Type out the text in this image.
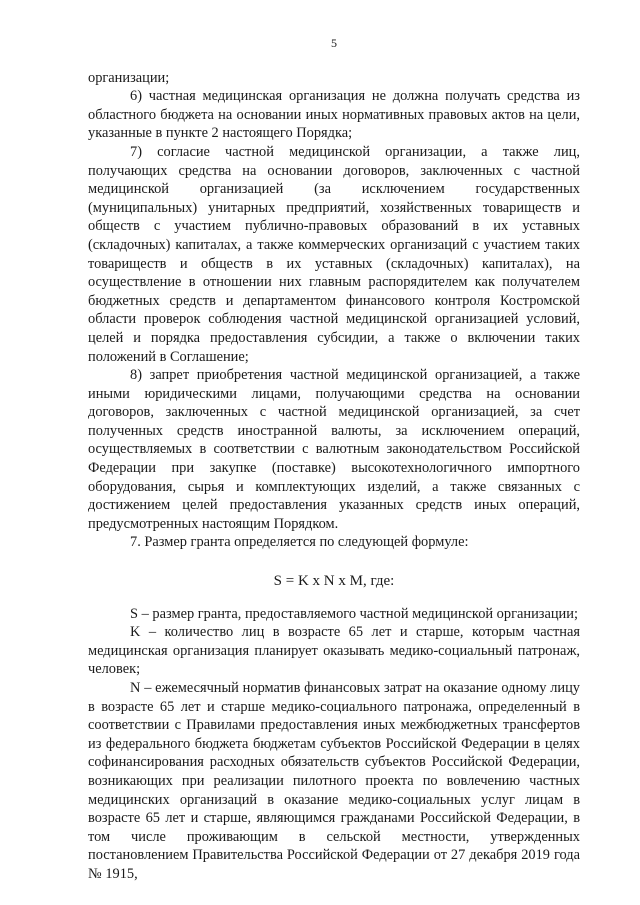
5

организации;

6) частная медицинская организация не должна получать средства из областного бюджета на основании иных нормативных правовых актов на цели, указанные в пункте 2 настоящего Порядка;

7) согласие частной медицинской организации, а также лиц, получающих средства на основании договоров, заключенных с частной медицинской организацией (за исключением государственных (муниципальных) унитарных предприятий, хозяйственных товариществ и обществ с участием публично-правовых образований в их уставных (складочных) капиталах, а также коммерческих организаций с участием таких товариществ и обществ в их уставных (складочных) капиталах), на осуществление в отношении них главным распорядителем как получателем бюджетных средств и департаментом финансового контроля Костромской области проверок соблюдения частной медицинской организацией условий, целей и порядка предоставления субсидии, а также о включении таких положений в Соглашение;

8) запрет приобретения частной медицинской организацией, а также иными юридическими лицами, получающими средства на основании договоров, заключенных с частной медицинской организацией, за счет полученных средств иностранной валюты, за исключением операций, осуществляемых в соответствии с валютным законодательством Российской Федерации при закупке (поставке) высокотехнологичного импортного оборудования, сырья и комплектующих изделий, а также связанных с достижением целей предоставления указанных средств иных операций, предусмотренных настоящим Порядком.

7. Размер гранта определяется по следующей формуле:

S = K x N x M, где:

S – размер гранта, предоставляемого частной медицинской организации;

K – количество лиц в возрасте 65 лет и старше, которым частная медицинская организация планирует оказывать медико-социальный патронаж, человек;

N – ежемесячный норматив финансовых затрат на оказание одному лицу в возрасте 65 лет и старше медико-социального патронажа, определенный в соответствии с Правилами предоставления иных межбюджетных трансфертов из федерального бюджета бюджетам субъектов Российской Федерации в целях софинансирования расходных обязательств субъектов Российской Федерации, возникающих при реализации пилотного проекта по вовлечению частных медицинских организаций в оказание медико-социальных услуг лицам в возрасте 65 лет и старше, являющимся гражданами Российской Федерации, в том числе проживающим в сельской местности, утвержденных постановлением Правительства Российской Федерации от 27 декабря 2019 года № 1915,
